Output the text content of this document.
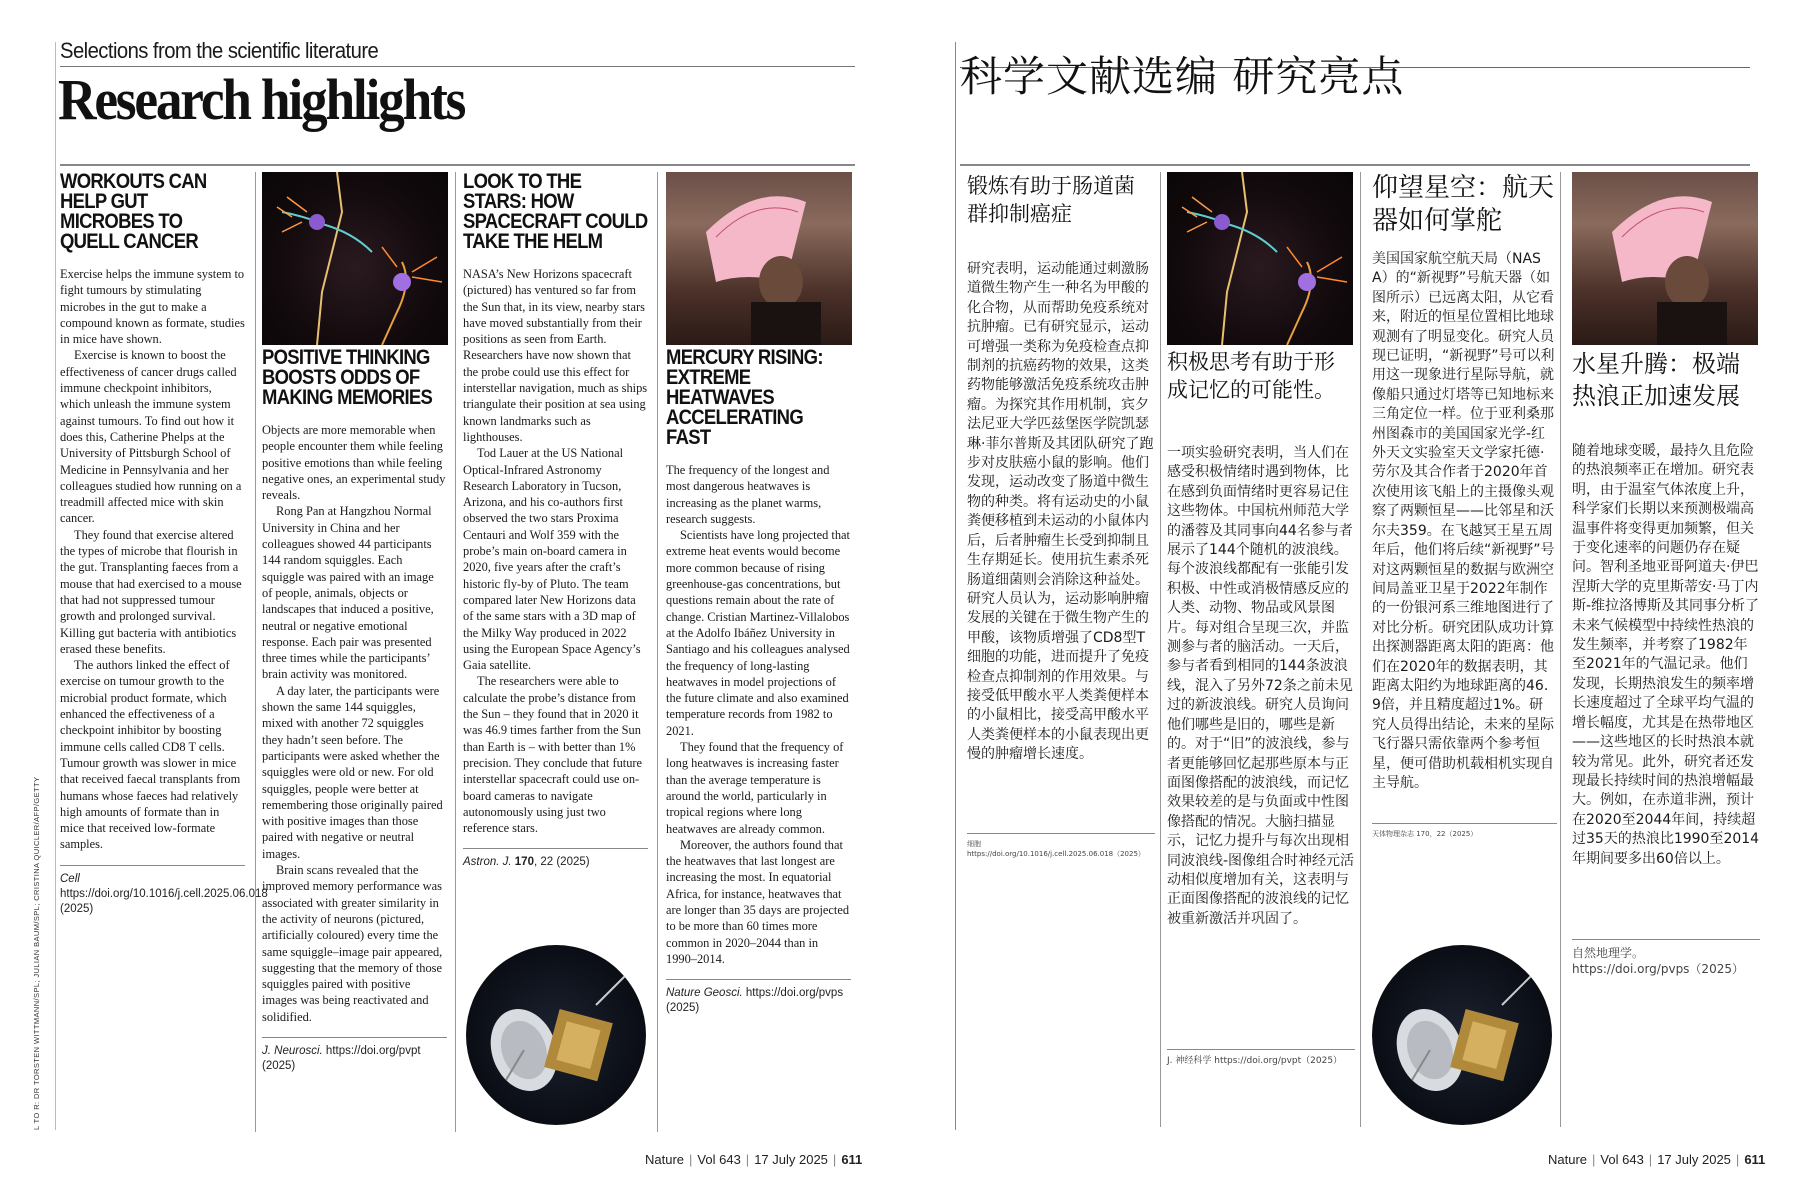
Selections from the scientific literature
Research highlights
L TO R: DR TORSTEN WITTMANN/SPL; JULIAN BAUM/SPL; CRISTINA QUICLER/AFP/GETTY
WORKOUTS CAN HELP GUT MICROBES TO QUELL CANCER

Exercise helps the immune system to fight tumours by stimulating microbes in the gut to make a compound known as formate, studies in mice have shown.

Exercise is known to boost the effectiveness of cancer drugs called immune checkpoint inhibitors, which unleash the immune system against tumours. To find out how it does this, Catherine Phelps at the University of Pittsburgh School of Medicine in Pennsylvania and her colleagues studied how running on a treadmill affected mice with skin cancer.

They found that exercise altered the types of microbe that flourish in the gut. Transplanting faeces from a mouse that had exercised to a mouse that had not suppressed tumour growth and prolonged survival. Killing gut bacteria with antibiotics erased these benefits.

The authors linked the effect of exercise on tumour growth to the microbial product formate, which enhanced the effectiveness of a checkpoint inhibitor by boosting immune cells called CD8 T cells. Tumour growth was slower in mice that received faecal transplants from humans whose faeces had relatively high amounts of formate than in mice that received low-formate samples.

Cell https://doi.org/10.1016/j.cell.2025.06.018 (2025)
POSITIVE THINKING BOOSTS ODDS OF MAKING MEMORIES

Objects are more memorable when people encounter them while feeling positive emotions than while feeling negative ones, an experimental study reveals.

Rong Pan at Hangzhou Normal University in China and her colleagues showed 44 participants 144 random squiggles. Each squiggle was paired with an image of people, animals, objects or landscapes that induced a positive, neutral or negative emotional response. Each pair was presented three times while the participants’ brain activity was monitored.

A day later, the participants were shown the same 144 squiggles, mixed with another 72 squiggles they hadn’t seen before. The participants were asked whether the squiggles were old or new. For old squiggles, people were better at remembering those originally paired with positive images than those paired with negative or neutral images.

Brain scans revealed that the improved memory performance was associated with greater similarity in the activity of neurons (pictured, artificially coloured) every time the same squiggle–image pair appeared, suggesting that the memory of those squiggles paired with positive images was being reactivated and solidified.

J. Neurosci. https://doi.org/pvpt (2025)
LOOK TO THE STARS: HOW SPACECRAFT COULD TAKE THE HELM

NASA’s New Horizons spacecraft (pictured) has ventured so far from the Sun that, in its view, nearby stars have moved substantially from their positions as seen from Earth. Researchers have now shown that the probe could use this effect for interstellar navigation, much as ships triangulate their position at sea using known landmarks such as lighthouses.

Tod Lauer at the US National Optical-Infrared Astronomy Research Laboratory in Tucson, Arizona, and his co-authors first observed the two stars Proxima Centauri and Wolf 359 with the probe’s main on-board camera in 2020, five years after the craft’s historic fly-by of Pluto. The team compared later New Horizons data of the same stars with a 3D map of the Milky Way produced in 2022 using the European Space Agency’s Gaia satellite.

The researchers were able to calculate the probe’s distance from the Sun – they found that in 2020 it was 46.9 times farther from the Sun than Earth is – with better than 1% precision. They conclude that future interstellar spacecraft could use on-board cameras to navigate autonomously using just two reference stars.

Astron. J. 170, 22 (2025)
MERCURY RISING: EXTREME HEATWAVES ACCELERATING FAST

The frequency of the longest and most dangerous heatwaves is increasing as the planet warms, research suggests.

Scientists have long projected that extreme heat events would become more common because of rising greenhouse-gas concentrations, but questions remain about the rate of change. Cristian Martinez-Villalobos at the Adolfo Ibáñez University in Santiago and his colleagues analysed the frequency of long-lasting heatwaves in model projections of the future climate and also examined temperature records from 1982 to 2021.

They found that the frequency of long heatwaves is increasing faster than the average temperature is around the world, particularly in tropical regions where long heatwaves are already common.

Moreover, the authors found that the heatwaves that last longest are increasing the most. In equatorial Africa, for instance, heatwaves that are longer than 35 days are projected to be more than 60 times more common in 2020–2044 than in 1990–2014.

Nature Geosci. https://doi.org/pvps (2025)
Nature | Vol 643 | 17 July 2025 | 611
科学文献选编 研究亮点
锻炼有助于肠道菌群抑制癌症
研究表明，运动能通过刺激肠道微生物产生一种名为甲酸的化合物，从而帮助免疫系统对抗肿瘤。已有研究显示，运动可增强一类称为免疫检查点抑制剂的抗癌药物的效果，这类药物能够激活免疫系统攻击肿瘤。为探究其作用机制，宾夕法尼亚大学匹兹堡医学院凯瑟琳·菲尔普斯及其团队研究了跑步对皮肤癌小鼠的影响。他们发现，运动改变了肠道中微生物的种类。将有运动史的小鼠粪便移植到未运动的小鼠体内后，后者肿瘤生长受到抑制且生存期延长。使用抗生素杀死肠道细菌则会消除这种益处。研究人员认为，运动影响肿瘤发展的关键在于微生物产生的甲酸，该物质增强了CD8型T细胞的功能，进而提升了免疫检查点抑制剂的作用效果。与接受低甲酸水平人类粪便样本的小鼠相比，接受高甲酸水平人类粪便样本的小鼠表现出更慢的肿瘤增长速度。
细胞
https://doi.org/10.1016/j.cell.2025.06.018（2025）
积极思考有助于形成记忆的可能性。
一项实验研究表明，当人们在感受积极情绪时遇到物体，比在感到负面情绪时更容易记住这些物体。中国杭州师范大学的潘蓉及其同事向44名参与者展示了144个随机的波浪线。每个波浪线都配有一张能引发积极、中性或消极情感反应的人类、动物、物品或风景图片。每对组合呈现三次，并监测参与者的脑活动。一天后，参与者看到相同的144条波浪线，混入了另外72条之前未见过的新波浪线。研究人员询问他们哪些是旧的，哪些是新的。对于“旧”的波浪线，参与者更能够回忆起那些原本与正面图像搭配的波浪线，而记忆效果较差的是与负面或中性图像搭配的情况。大脑扫描显示，记忆力提升与每次出现相同波浪线-图像组合时神经元活动相似度增加有关，这表明与正面图像搭配的波浪线的记忆被重新激活并巩固了。
J. 神经科学 https://doi.org/pvpt（2025）
仰望星空：航天器如何掌舵
美国国家航空航天局（NASA）的“新视野”号航天器（如图所示）已远离太阳，从它看来，附近的恒星位置相比地球观测有了明显变化。研究人员现已证明，“新视野”号可以利用这一现象进行星际导航，就像船只通过灯塔等已知地标来三角定位一样。位于亚利桑那州图森市的美国国家光学-红外天文实验室天文学家托德·劳尔及其合作者于2020年首次使用该飞船上的主摄像头观察了两颗恒星——比邻星和沃尔夫359。在飞越冥王星五周年后，他们将后续“新视野”号对这两颗恒星的数据与欧洲空间局盖亚卫星于2022年制作的一份银河系三维地图进行了对比分析。研究团队成功计算出探测器距离太阳的距离：他们在2020年的数据表明，其距离太阳约为地球距离的46.9倍，并且精度超过1%。研究人员得出结论，未来的星际飞行器只需依靠两个参考恒星，便可借助机载相机实现自主导航。
天体物理杂志 170，22（2025）
水星升腾：极端热浪正加速发展
随着地球变暖，最持久且危险的热浪频率正在增加。研究表明，由于温室气体浓度上升，科学家们长期以来预测极端高温事件将变得更加频繁，但关于变化速率的问题仍存在疑问。智利圣地亚哥阿道夫·伊巴涅斯大学的克里斯蒂安·马丁内斯-维拉洛博斯及其同事分析了未来气候模型中持续性热浪的发生频率，并考察了1982年至2021年的气温记录。他们发现，长期热浪发生的频率增长速度超过了全球平均气温的增长幅度，尤其是在热带地区——这些地区的长时热浪本就较为常见。此外，研究者还发现最长持续时间的热浪增幅最大。例如，在赤道非洲，预计在2020至2044年间，持续超过35天的热浪比1990至2014年期间要多出60倍以上。
自然地理学。https://doi.org/pvps（2025）
Nature | Vol 643 | 17 July 2025 | 611
